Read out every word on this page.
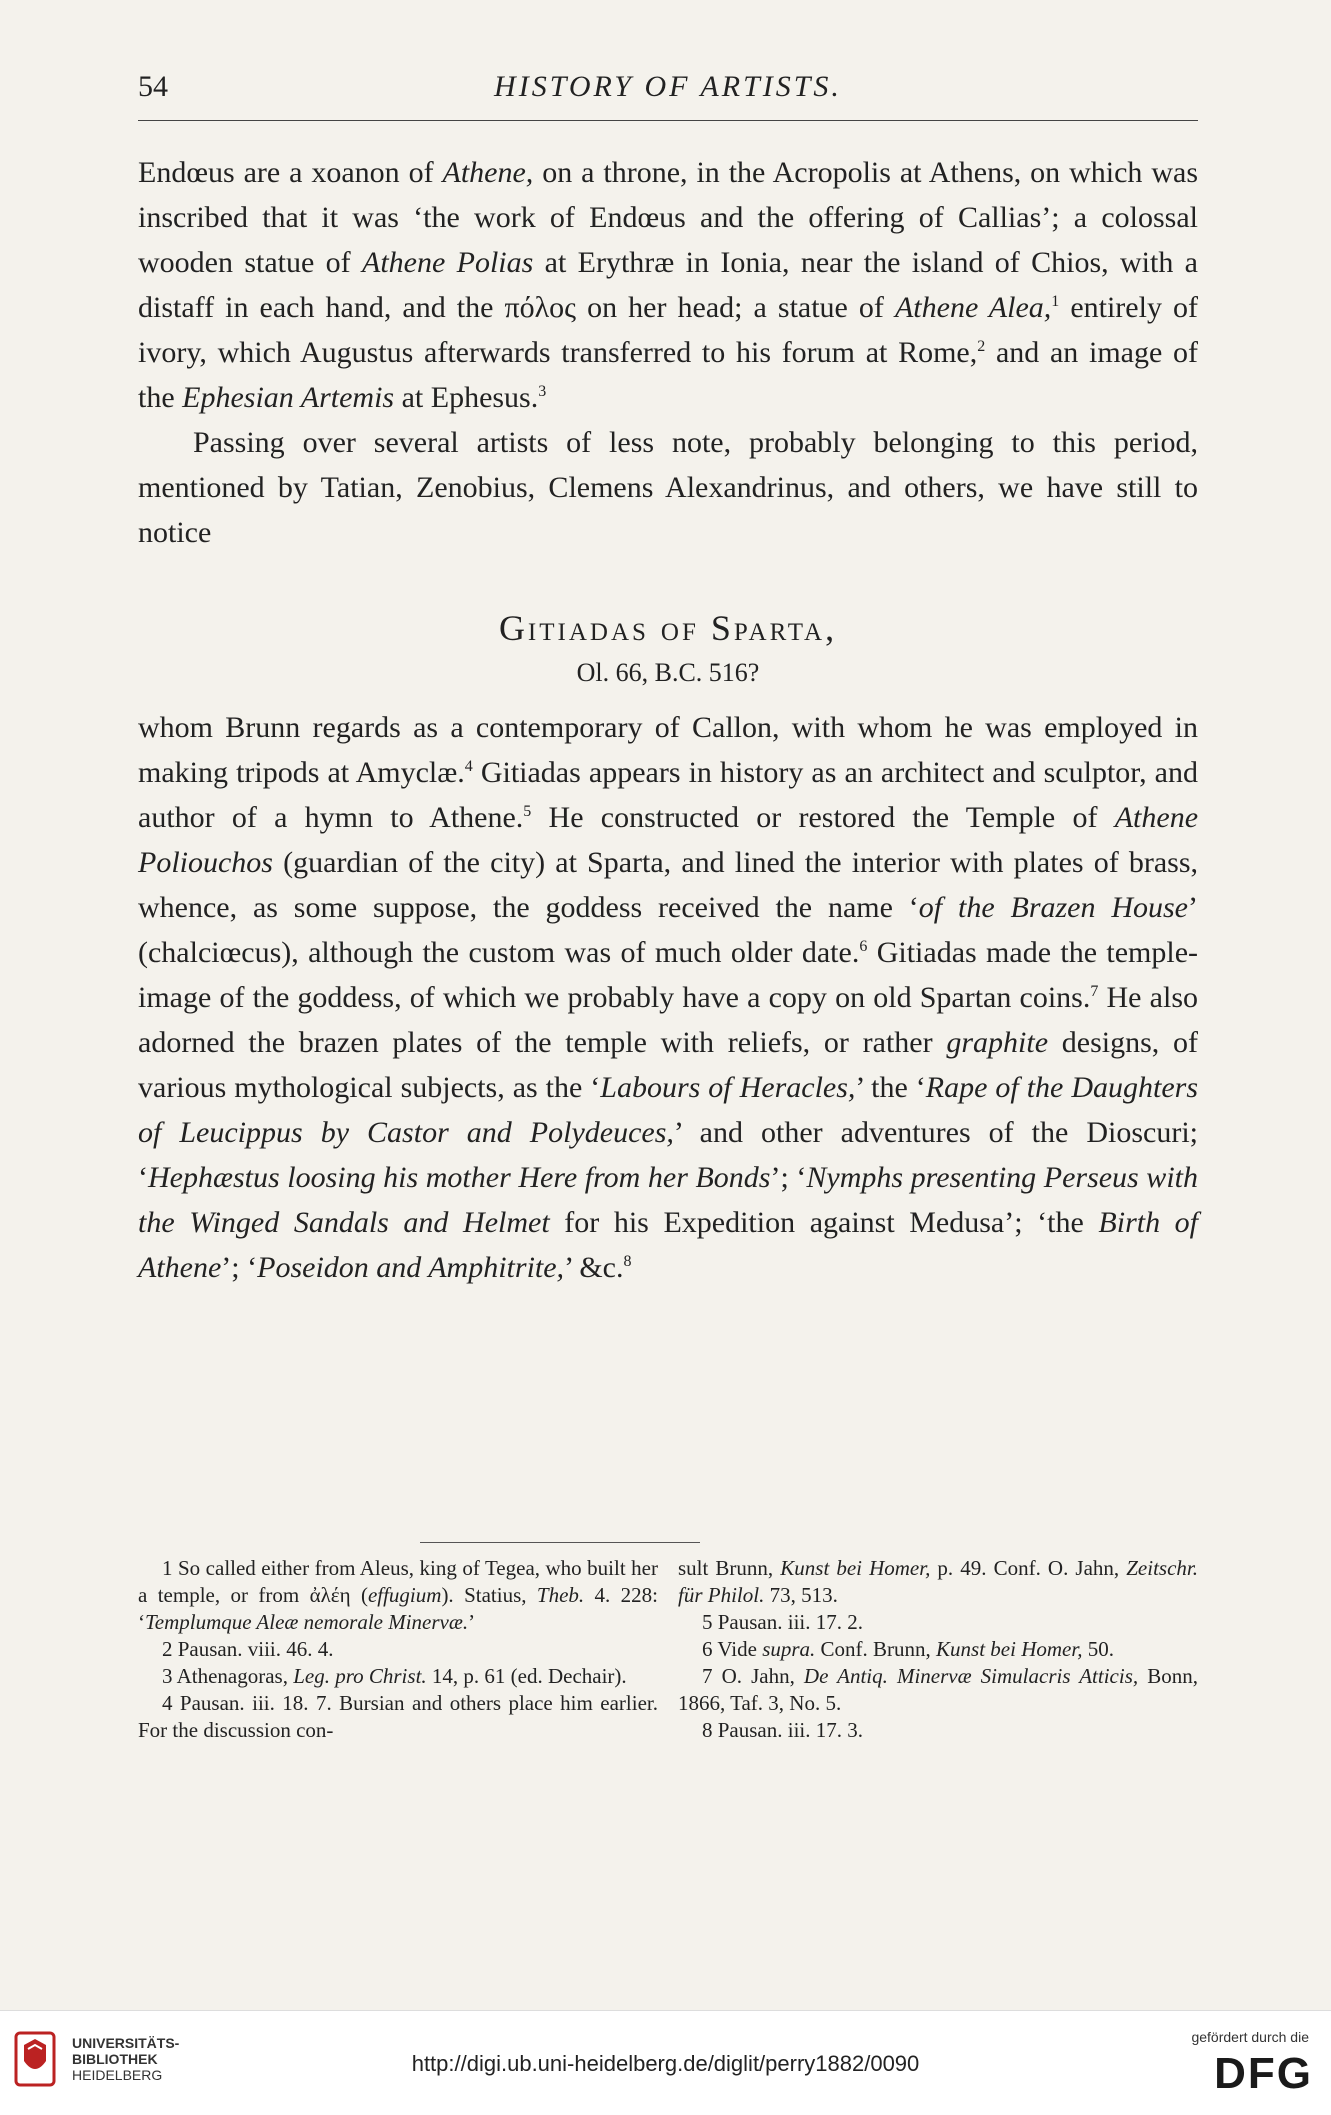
54	HISTORY OF ARTISTS.

Endœus are a xoanon of Athene, on a throne, in the Acropolis at Athens, on which was inscribed that it was ‘the work of Endœus and the offering of Callias’; a colossal wooden statue of Athene Polias at Erythræ in Ionia, near the island of Chios, with a distaff in each hand, and the πόλος on her head; a statue of Athene Alea,$^1$ entirely of ivory, which Augustus afterwards transferred to his forum at Rome,$^2$ and an image of the Ephesian Artemis at Ephesus.$^3$

Passing over several artists of less note, probably belonging to this period, mentioned by Tatian, Zenobius, Clemens Alexandrinus, and others, we have still to notice

Gitiadas of Sparta,
Ol. 66, B.C. 516?

whom Brunn regards as a contemporary of Callon, with whom he was employed in making tripods at Amyclæ.$^4$ Gitiadas appears in history as an architect and sculptor, and author of a hymn to Athene.$^5$ He constructed or restored the Temple of Athene Poliouchos (guardian of the city) at Sparta, and lined the interior with plates of brass, whence, as some suppose, the goddess received the name ‘of the Brazen House’ (chalciœcus), although the custom was of much older date.$^6$ Gitiadas made the temple-image of the goddess, of which we probably have a copy on old Spartan coins.$^7$ He also adorned the brazen plates of the temple with reliefs, or rather graphite designs, of various mythological subjects, as the ‘Labours of Heracles,’ the ‘Rape of the Daughters of Leucippus by Castor and Polydeuces,’ and other adventures of the Dioscuri; ‘Hephæstus loosing his mother Here from her Bonds’; ‘Nymphs presenting Perseus with the Winged Sandals and Helmet for his Expedition against Medusa’; ‘the Birth of Athene’; ‘Poseidon and Amphitrite,’ &c.$^8$

1 So called either from Aleus, king of Tegea, who built her a temple, or from ἀλέη (effugium). Statius, Theb. 4. 228: ‘Templumque Aleæ nemorale Minervæ.’

2 Pausan. viii. 46. 4.

3 Athenagoras, Leg. pro Christ. 14, p. 61 (ed. Dechair).

4 Pausan. iii. 18. 7. Bursian and others place him earlier. For the discussion con-

sult Brunn, Kunst bei Homer, p. 49. Conf. O. Jahn, Zeitschr. für Philol. 73, 513.

5 Pausan. iii. 17. 2.

6 Vide supra. Conf. Brunn, Kunst bei Homer, 50.

7 O. Jahn, De Antiq. Minervæ Simulacris Atticis, Bonn, 1866, Taf. 3, No. 5.

8 Pausan. iii. 17. 3.

UNIVERSITÄTS-
BIBLIOTHEK
HEIDELBERG	http://digi.ub.uni-heidelberg.de/diglit/perry1882/0090
gefördert durch die
DFG
